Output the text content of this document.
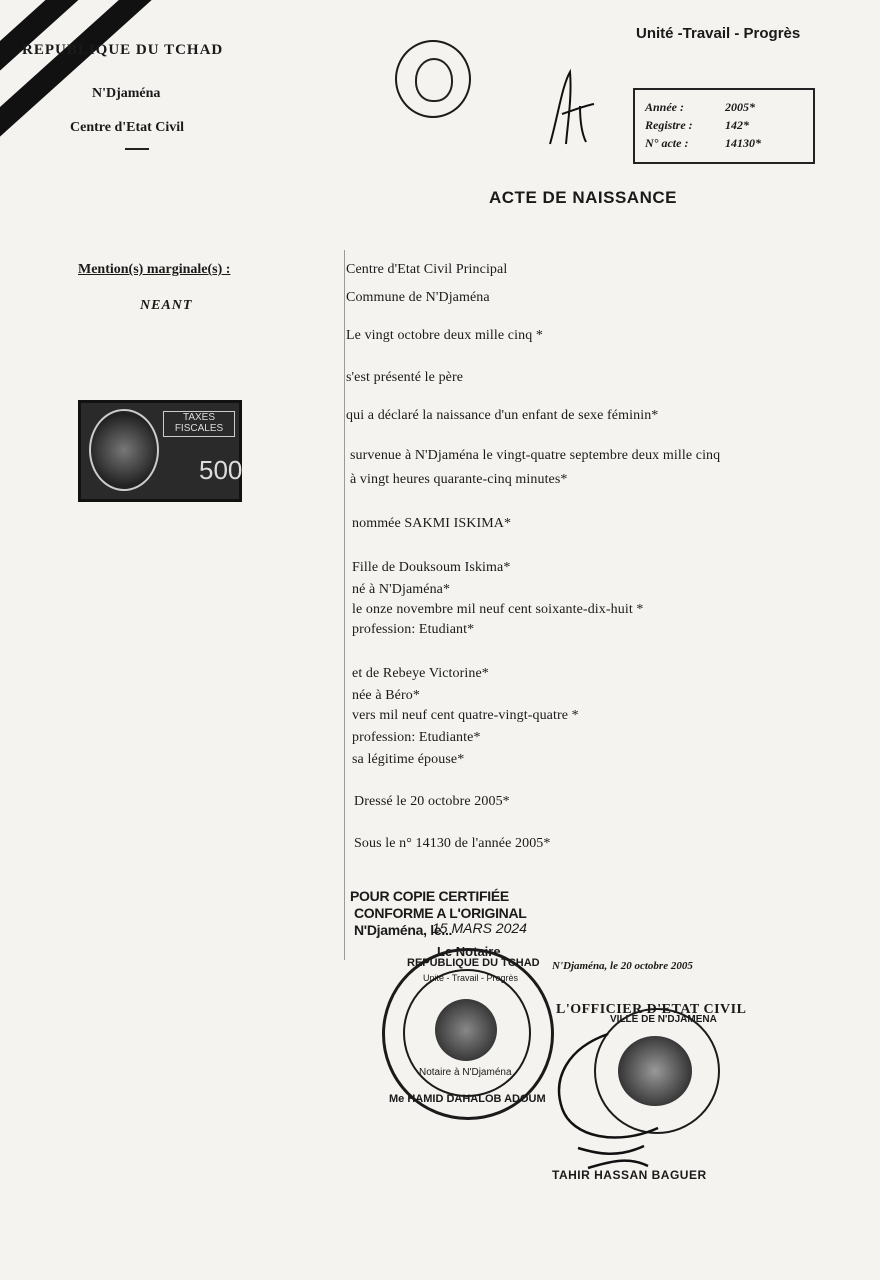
REPUBLIQUE DU TCHAD
N'Djaména
Centre d'Etat Civil
Unité -Travail - Progrès
Année :	2005*
Registre :	142*
N° acte :	14130*
ACTE DE NAISSANCE
Mention(s) marginale(s) :
NEANT
TAXES FISCALES
500
Centre d'Etat Civil Principal
Commune de N'Djaména
Le vingt octobre deux mille cinq *
s'est présenté le père
qui a déclaré la naissance d'un enfant de sexe féminin*
survenue à N'Djaména le vingt-quatre septembre deux mille cinq
à vingt heures quarante-cinq minutes*
nommée SAKMI ISKIMA*
Fille de Douksoum Iskima*
né à N'Djaména*
le onze novembre mil neuf cent soixante-dix-huit *
profession: Etudiant*
et de Rebeye Victorine*
née à Béro*
vers mil neuf cent quatre-vingt-quatre *
profession: Etudiante*
sa légitime épouse*
Dressé le 20 octobre 2005*
Sous le n° 14130 de l'année 2005*
POUR COPIE CERTIFIÉE
CONFORME A L'ORIGINAL
N'Djaména, le...
15 MARS 2024
Le Notaire
REPUBLIQUE DU TCHAD
Unité - Travail - Progrès
Notaire à N'Djaména
Me HAMID DAHALOB ADOUM
N'Djaména, le 20 octobre 2005
L'OFFICIER D'ETAT CIVIL
VILLE DE N'DJAMENA
TAHIR HASSAN BAGUER
